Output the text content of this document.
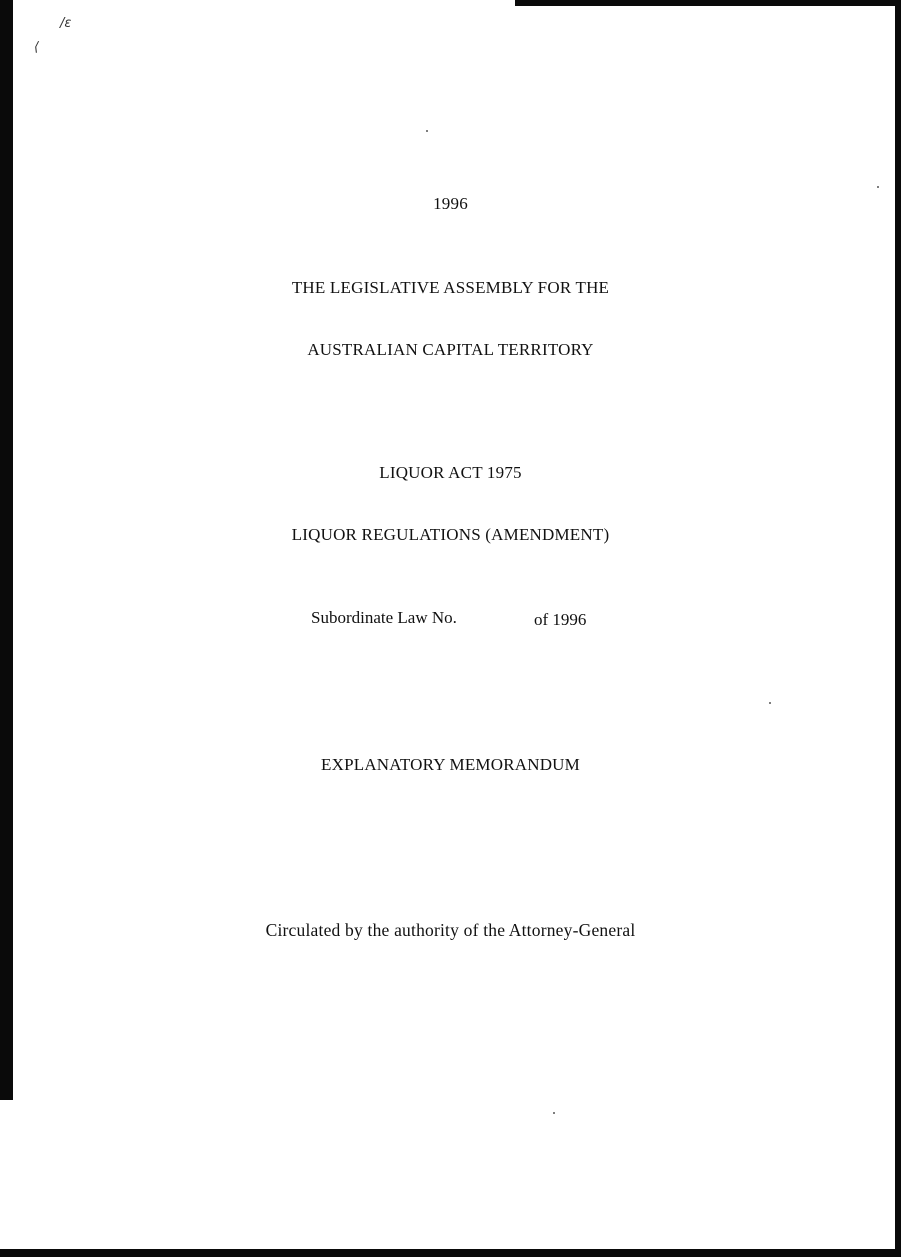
/ɛ
⟨
1996
THE LEGISLATIVE ASSEMBLY FOR THE
AUSTRALIAN CAPITAL TERRITORY
LIQUOR ACT 1975
LIQUOR REGULATIONS (AMENDMENT)
Subordinate Law No.	of 1996
EXPLANATORY MEMORANDUM
Circulated by the authority of the Attorney-General
